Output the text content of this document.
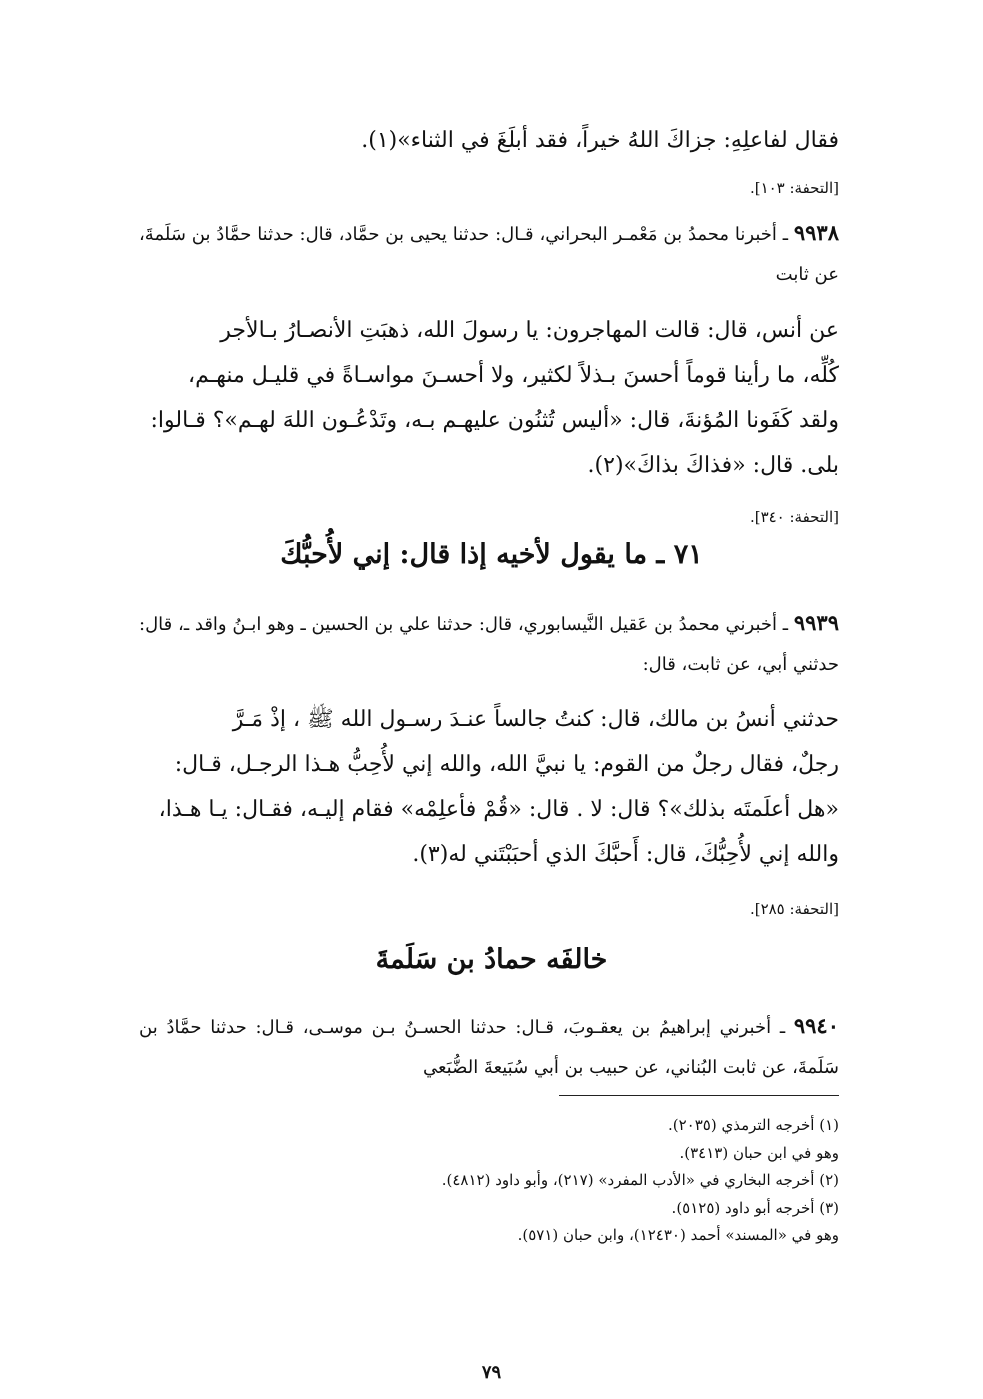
فقال لفاعلِهِ: جزاكَ اللهُ خيراً، فقد أبلَغَ في الثناء»(١).
[التحفة: ١٠٣].
٩٩٣٨ ـ أخبرنا محمدُ بن مَعْمـر البحراني، قـال: حدثنا يحيى بن حمَّاد، قال: حدثنا حمَّادُ بن سَلَمةَ، عن ثابت
عن أنس، قال: قالت المهاجرون: يا رسولَ الله، ذهبَتِ الأنصـارُ بـالأجر
كُلِّه، ما رأينا قوماً أحسنَ بـذلاً لكثير، ولا أحسـنَ مواسـاةً في قليـل منهـم،
ولقد كَفَونا المُؤنةَ، قال: «أليس تُثنُون عليهـم بـه، وتَدْعُـون اللهَ لهـم»؟ قـالوا:
بلى. قال: «فذاكَ بذاكَ»(٢).
[التحفة: ٣٤٠].
٧١ ـ ما يقول لأخيه إذا قال: إني لأُحبُّكَ
٩٩٣٩ ـ أخبرني محمدُ بن عَقيل النَّيسابوري، قال: حدثنا علي بن الحسين ـ وهو ابـنُ واقد ـ، قال: حدثني أبي، عن ثابت، قال:
حدثني أنسُ بن مالك، قال: كنتُ جالساً عنـدَ رسـول الله ﷺ ، إذْ مَـرَّ
رجلٌ، فقال رجلٌ من القوم: يا نبيَّ الله، والله إني لأُحِبُّ هـذا الرجـل، قـال:
«هل أعلَمتَه بذلك»؟ قال: لا . قال: «قُمْ فأعلِمْه» فقام إليـه، فقـال: يـا هـذا،
والله إني لأُحِبُّكَ، قال: أَحبَّكَ الذي أحبَبْتَني له(٣).
[التحفة: ٢٨٥].
خالفَه حمادُ بن سَلَمةَ
٩٩٤٠ ـ أخبرني إبراهيمُ بن يعقـوبَ، قـال: حدثنا الحسـنُ بـن موسـى، قـال: حدثنا حمَّادُ بن سَلَمةَ، عن ثابت البُناني، عن حبيب بن أبي سُبَيعةَ الضُّبَعي
(١) أخرجه الترمذي (٢٠٣٥).
وهو في ابن حبان (٣٤١٣).
(٢) أخرجه البخاري في «الأدب المفرد» (٢١٧)، وأبو داود (٤٨١٢).
(٣) أخرجه أبو داود (٥١٢٥).
وهو في «المسند» أحمد (١٢٤٣٠)، وابن حبان (٥٧١).
٧٩
